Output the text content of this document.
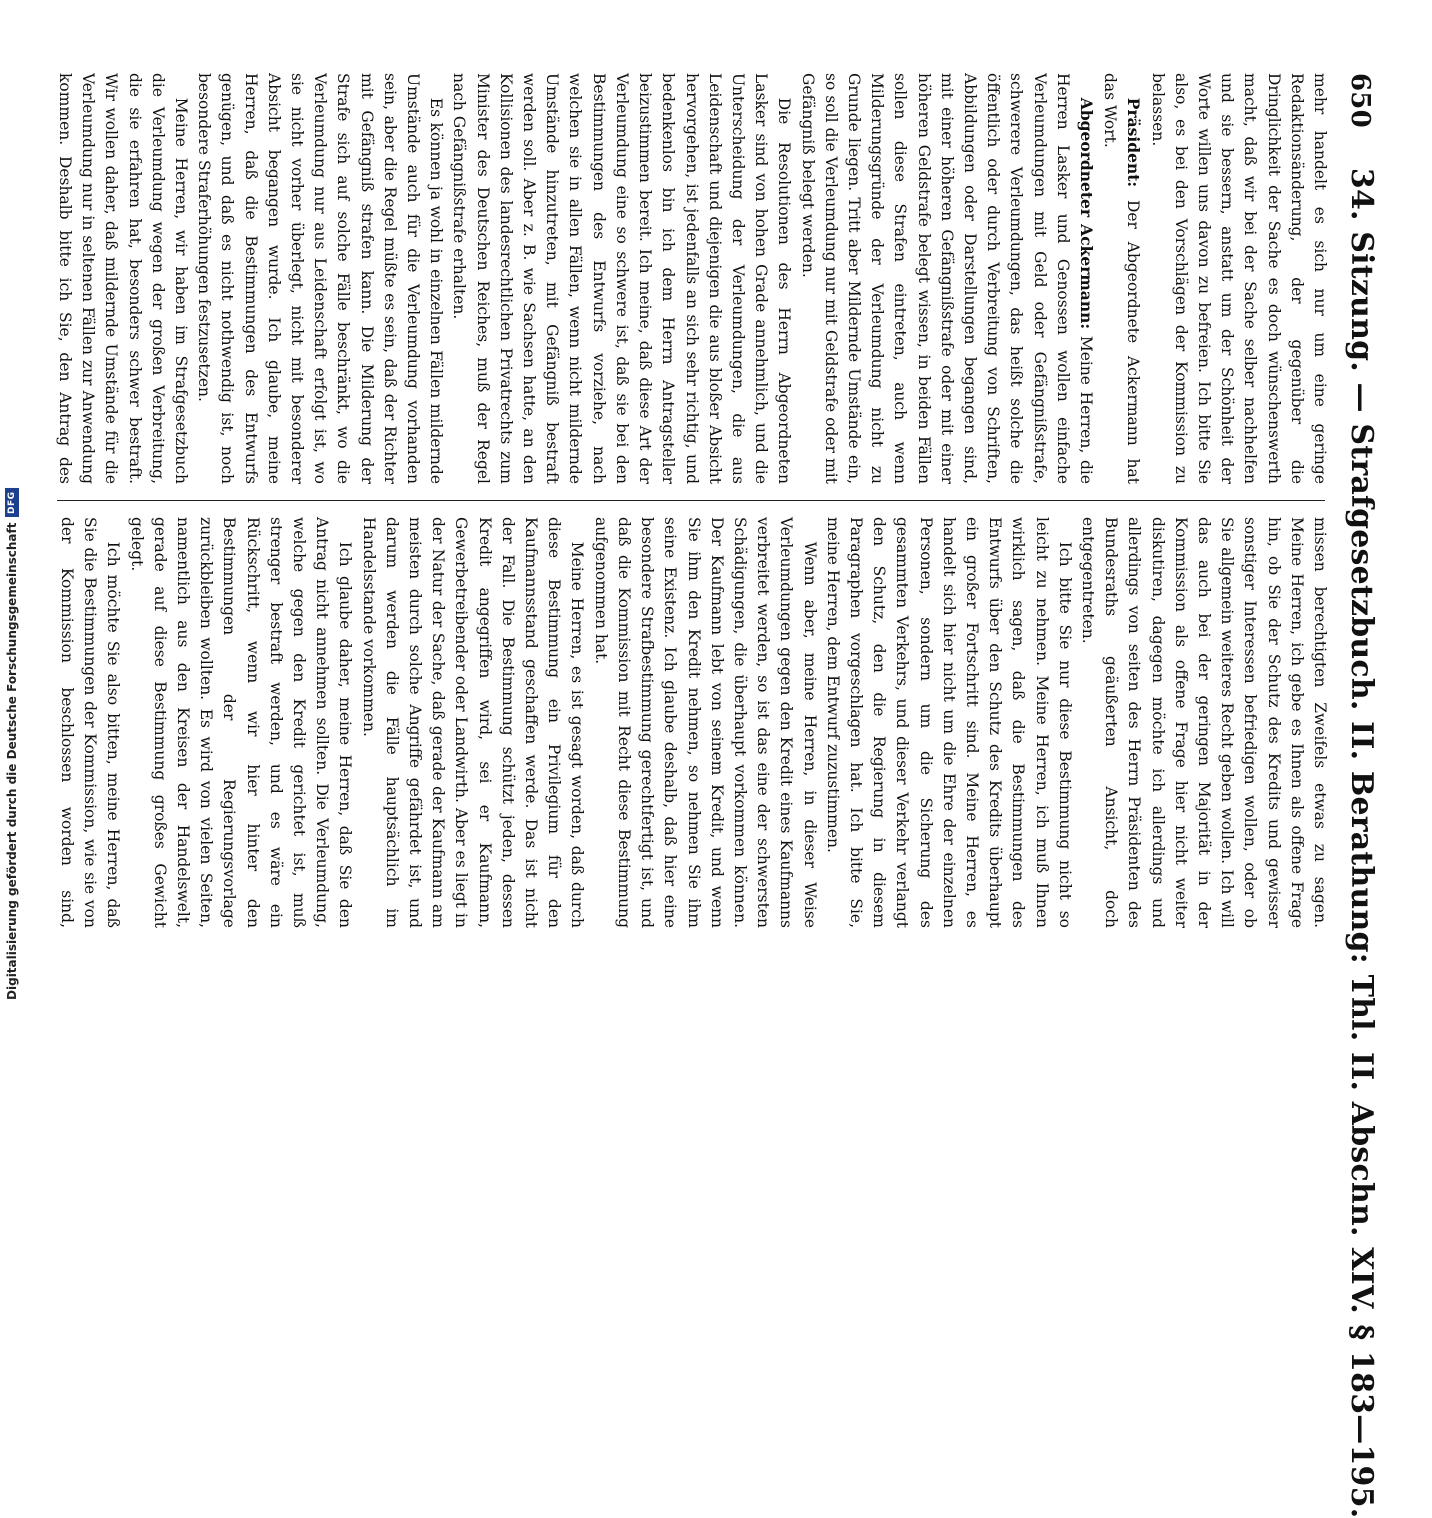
Digitalisierung gefördert durch die Deutsche Forschungsgemeinschaft
DFG
650
34. Sitzung. — Strafgesetzbuch. II. Berathung: Thl. II. Abschn. XIV. § 183—195.

mehr handelt es sich nur um eine geringe Redaktionsänderung, der gegenüber die Dringlichkeit der Sache es doch wünschenswerth macht, daß wir bei der Sache selber nachhelfen und sie bessern, anstatt um der Schönheit der Worte willen uns davon zu befreien. Ich bitte Sie also, es bei den Vorschlägen der Kommission zu belassen.

Präsident: Der Abgeordnete Ackermann hat das Wort.

Abgeordneter Ackermann: Meine Herren, die Herren Lasker und Genossen wollen einfache Verleumdungen mit Geld oder Gefängnißstrafe, schwerere Verleumdungen, das heißt solche die öffentlich oder durch Verbreitung von Schriften, Abbildungen oder Darstellungen begangen sind, mit einer höheren Gefängnißstrafe oder mit einer höheren Geldstrafe belegt wissen, in beiden Fällen sollen diese Strafen eintreten, auch wenn Milderungsgründe der Verleumdung nicht zu Grunde liegen. Tritt aber Mildernde Umstände ein, so soll die Verleumdung nur mit Geldstrafe oder mit Gefängniß belegt werden.

Die Resolutionen des Herrn Abgeordneten Lasker sind von hohen Grade annehmlich, und die Unterscheidung der Verleumdungen, die aus Leidenschaft und diejenigen die aus bloßer Absicht hervorgehen, ist jedenfalls an sich sehr richtig, und bedenkenlos bin ich dem Herrn Antragsteller beizustimmen bereit. Ich meine, daß diese Art der Verleumdung eine so schwere ist, daß sie bei den Bestimmungen des Entwurfs vorziehe, nach welchen sie in allen Fällen, wenn nicht mildernde Umstände hinzutreten, mit Gefängniß bestraft werden soll. Aber z. B. wie Sachsen hatte, an den Kollisionen des landesrechtlichen Privatrechts zum Minister des Deutschen Reiches, muß der Regel nach Gefängnißstrafe erhalten.

Es können ja wohl in einzelnen Fällen mildernde Umstände auch für die Verleumdung vorhanden sein, aber die Regel müßte es sein, daß der Richter mit Gefängniß strafen kann. Die Milderung der Strafe sich auf solche Fälle beschränkt, wo die Verleumdung nur aus Leidenschaft erfolgt ist, wo sie nicht vorher überlegt, nicht mit besonderer Absicht begangen wurde. Ich glaube, meine Herren, daß die Bestimmungen des Entwurfs genügen, und daß es nicht nothwendig ist, noch besondere Straferhöhungen festzusetzen.

Meine Herren, wir haben im Strafgesetzbuch die Verleumdung wegen der großen Verbreitung, die sie erfahren hat, besonders schwer bestraft. Wir wollen daher, daß mildernde Umstände für die Verleumdung nur in seltenen Fällen zur Anwendung kommen. Deshalb bitte ich Sie, den Antrag des

missen berechtigten Zweifels etwas zu sagen. Meine Herren, ich gebe es Ihnen als offene Frage hin, ob Sie der Schutz des Kredits und gewisser sonstiger Interessen befriedigen wollen, oder ob Sie allgemein weiteres Recht geben wollen. Ich will das auch bei der geringen Majorität in der Kommission als offene Frage hier nicht weiter diskutiren, dagegen möchte ich allerdings und allerdings von seiten des Herrn Präsidenten des Bundesraths geäußerten Ansicht, doch entgegentreten.

Ich bitte Sie nur diese Bestimmung nicht so leicht zu nehmen. Meine Herren, ich muß Ihnen wirklich sagen, daß die Bestimmungen des Entwurfs über den Schutz des Kredits überhaupt ein großer Fortschritt sind. Meine Herren, es handelt sich hier nicht um die Ehre der einzelnen Personen, sondern um die Sicherung des gesammten Verkehrs, und dieser Verkehr verlangt den Schutz, den die Regierung in diesem Paragraphen vorgeschlagen hat. Ich bitte Sie, meine Herren, dem Entwurf zuzustimmen.

Wenn aber, meine Herren, in dieser Weise Verleumdungen gegen den Kredit eines Kaufmanns verbreitet werden, so ist das eine der schwersten Schädigungen, die überhaupt vorkommen können. Der Kaufmann lebt von seinem Kredit, und wenn Sie ihm den Kredit nehmen, so nehmen Sie ihm seine Existenz. Ich glaube deshalb, daß hier eine besondere Strafbestimmung gerechtfertigt ist, und daß die Kommission mit Recht diese Bestimmung aufgenommen hat.

Meine Herren, es ist gesagt worden, daß durch diese Bestimmung ein Privilegium für den Kaufmannsstand geschaffen werde. Das ist nicht der Fall. Die Bestimmung schützt jeden, dessen Kredit angegriffen wird, sei er Kaufmann, Gewerbetreibender oder Landwirth. Aber es liegt in der Natur der Sache, daß gerade der Kaufmann am meisten durch solche Angriffe gefährdet ist, und darum werden die Fälle hauptsächlich im Handelsstande vorkommen.

Ich glaube daher, meine Herren, daß Sie den Antrag nicht annehmen sollten. Die Verleumdung, welche gegen den Kredit gerichtet ist, muß strenger bestraft werden, und es wäre ein Rückschritt, wenn wir hier hinter den Bestimmungen der Regierungsvorlage zurückbleiben wollten. Es wird von vielen Seiten, namentlich aus den Kreisen der Handelswelt, gerade auf diese Bestimmung großes Gewicht gelegt.

Ich möchte Sie also bitten, meine Herren, daß Sie die Bestimmungen der Kommission, wie sie von der Kommission beschlossen worden sind,
